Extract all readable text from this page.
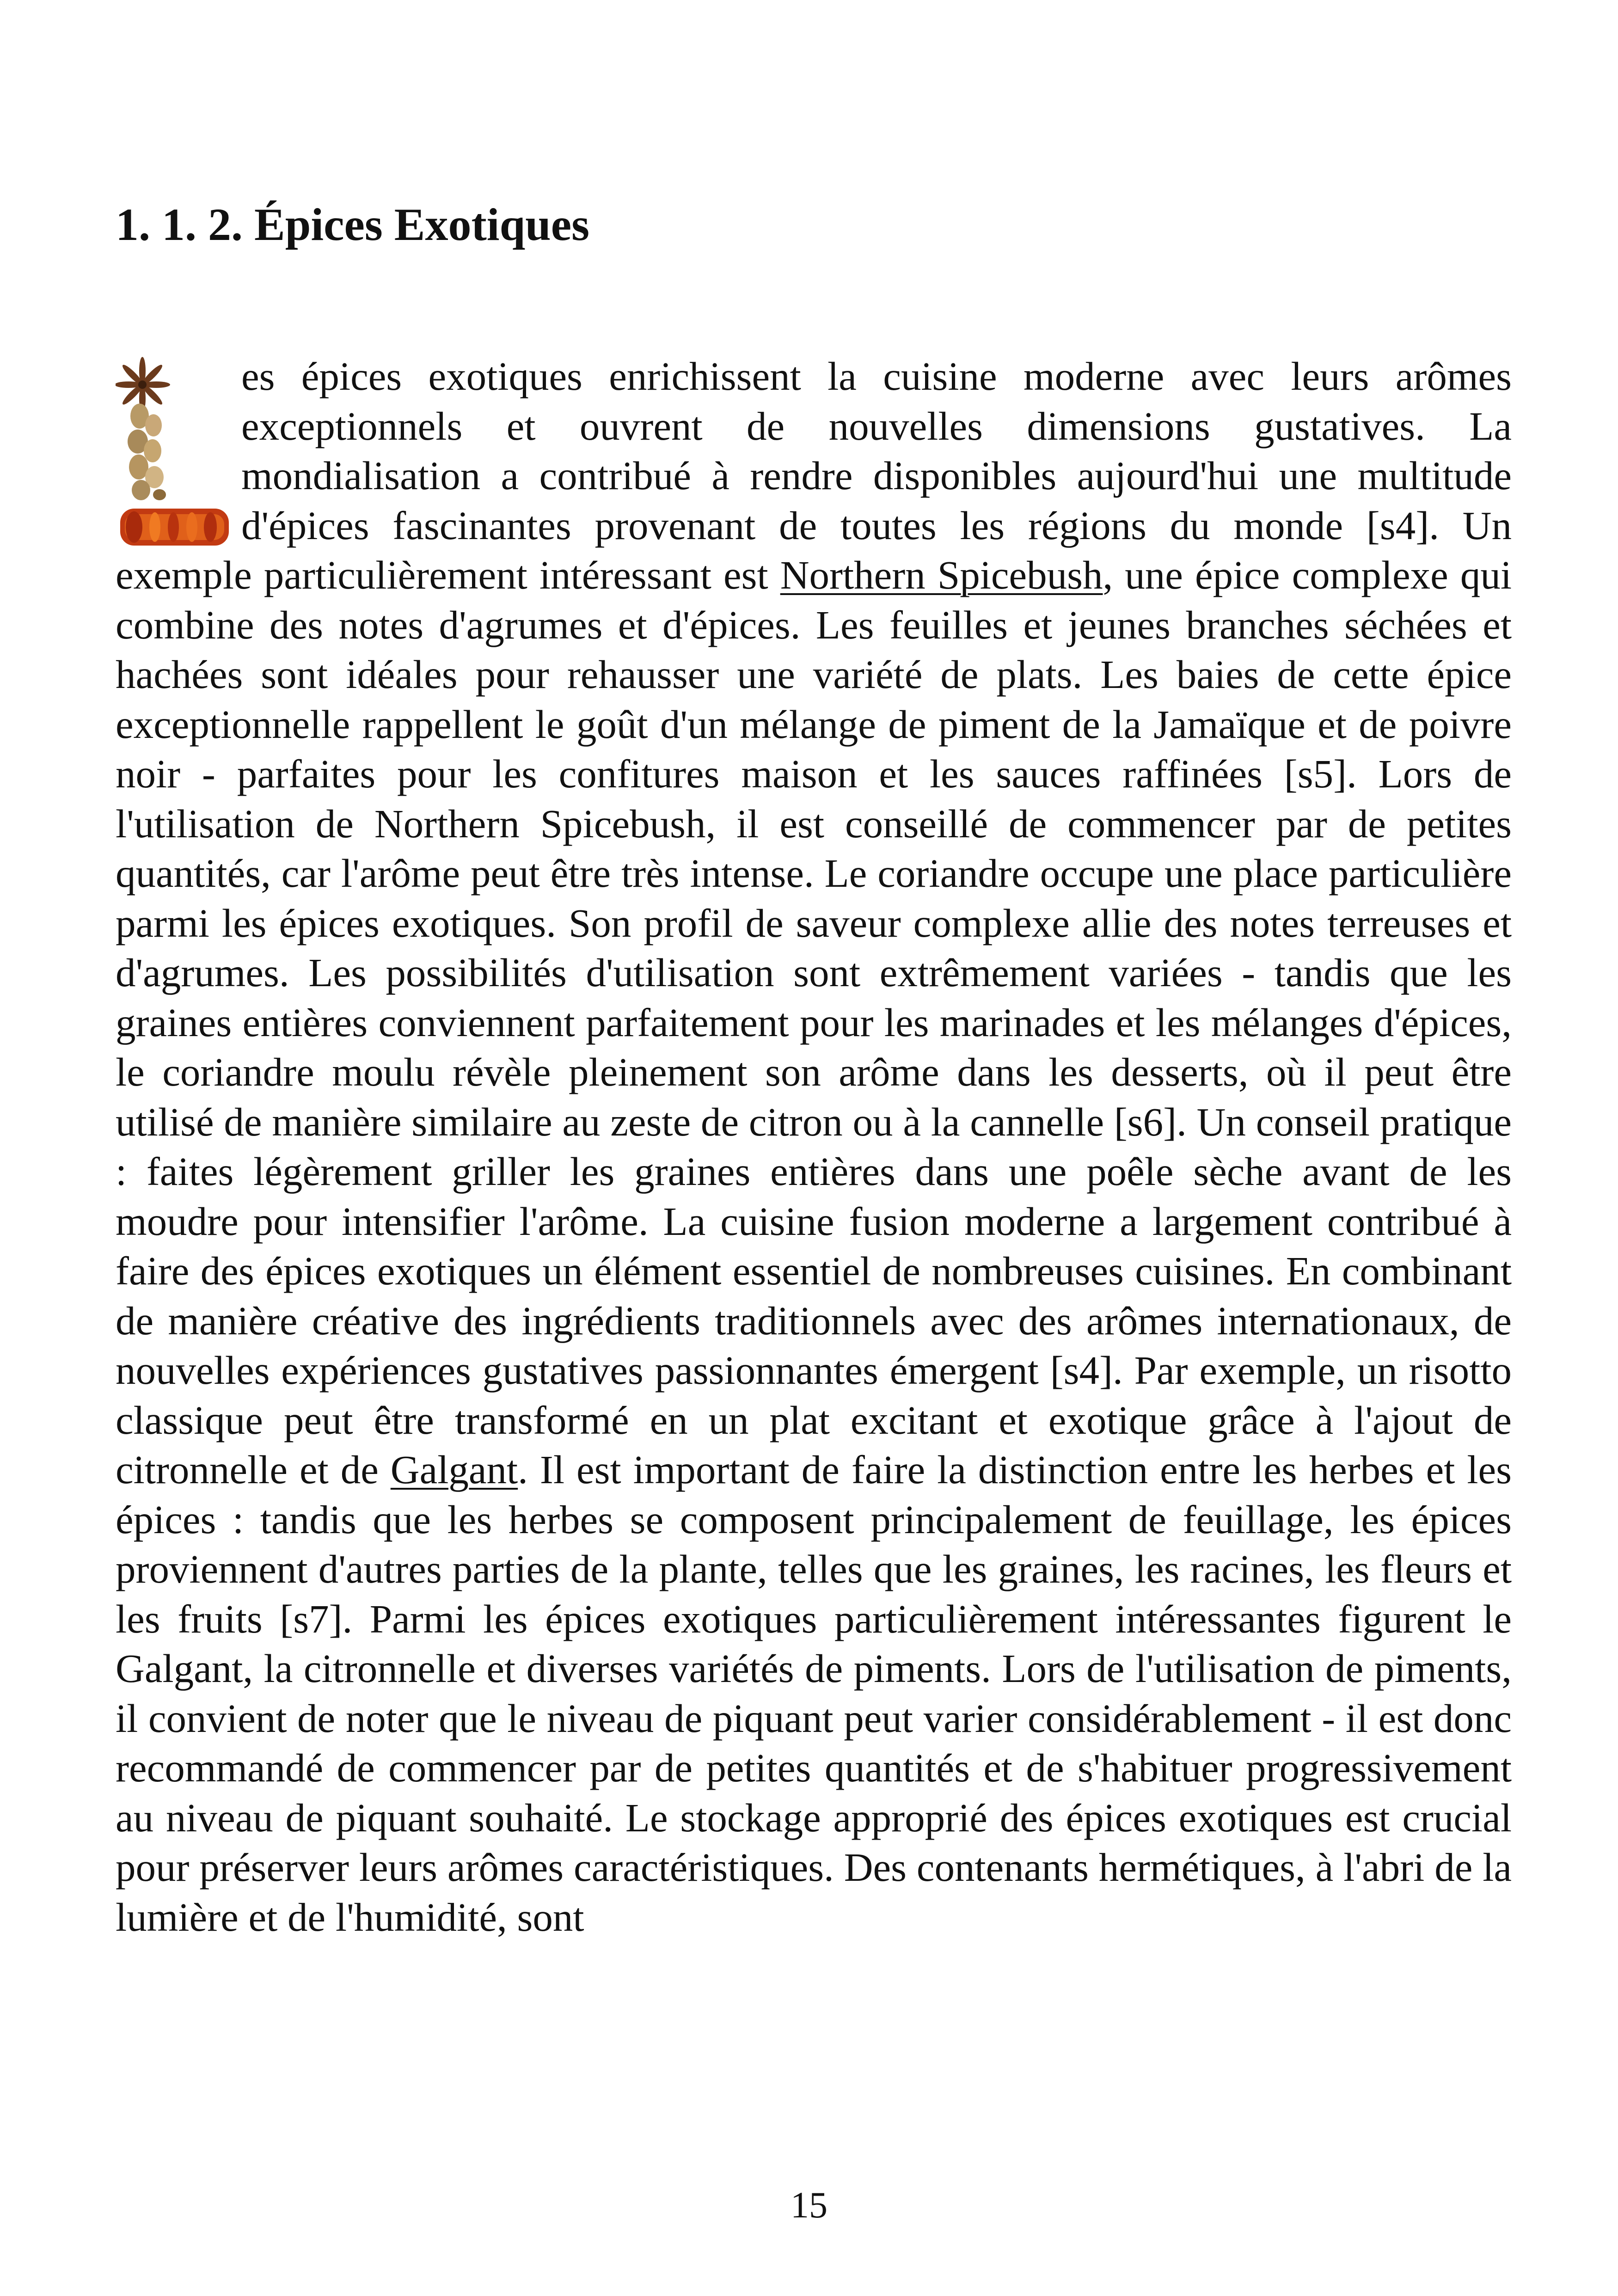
1. 1. 2. Épices Exotiques

es épices exotiques enrichissent la cuisine moderne avec leurs arômes exceptionnels et ouvrent de nouvelles dimensions gustatives. La mondialisation a contribué à rendre disponibles aujourd'hui une multitude d'épices fascinantes provenant de toutes les régions du monde [s4]. Un exemple particulièrement intéressant est Northern Spicebush, une épice complexe qui combine des notes d'agrumes et d'épices. Les feuilles et jeunes branches séchées et hachées sont idéales pour rehausser une variété de plats. Les baies de cette épice exceptionnelle rappellent le goût d'un mélange de piment de la Jamaïque et de poivre noir - parfaites pour les confitures maison et les sauces raffinées [s5]. Lors de l'utilisation de Northern Spicebush, il est conseillé de commencer par de petites quantités, car l'arôme peut être très intense. Le coriandre occupe une place particulière parmi les épices exotiques. Son profil de saveur complexe allie des notes terreuses et d'agrumes. Les possibilités d'utilisation sont extrêmement variées - tandis que les graines entières conviennent parfaitement pour les marinades et les mélanges d'épices, le coriandre moulu révèle pleinement son arôme dans les desserts, où il peut être utilisé de manière similaire au zeste de citron ou à la cannelle [s6]. Un conseil pratique : faites légèrement griller les graines entières dans une poêle sèche avant de les moudre pour intensifier l'arôme. La cuisine fusion moderne a largement contribué à faire des épices exotiques un élément essentiel de nombreuses cuisines. En combinant de manière créative des ingrédients traditionnels avec des arômes internationaux, de nouvelles expériences gustatives passionnantes émergent [s4]. Par exemple, un risotto classique peut être transformé en un plat excitant et exotique grâce à l'ajout de citronnelle et de Galgant. Il est important de faire la distinction entre les herbes et les épices : tandis que les herbes se composent principalement de feuillage, les épices proviennent d'autres parties de la plante, telles que les graines, les racines, les fleurs et les fruits [s7]. Parmi les épices exotiques particulièrement intéressantes figurent le Galgant, la citronnelle et diverses variétés de piments. Lors de l'utilisation de piments, il convient de noter que le niveau de piquant peut varier considérablement - il est donc recommandé de commencer par de petites quantités et de s'habituer progressivement au niveau de piquant souhaité. Le stockage approprié des épices exotiques est crucial pour préserver leurs arômes caractéristiques. Des contenants hermétiques, à l'abri de la lumière et de l'humidité, sont

15
